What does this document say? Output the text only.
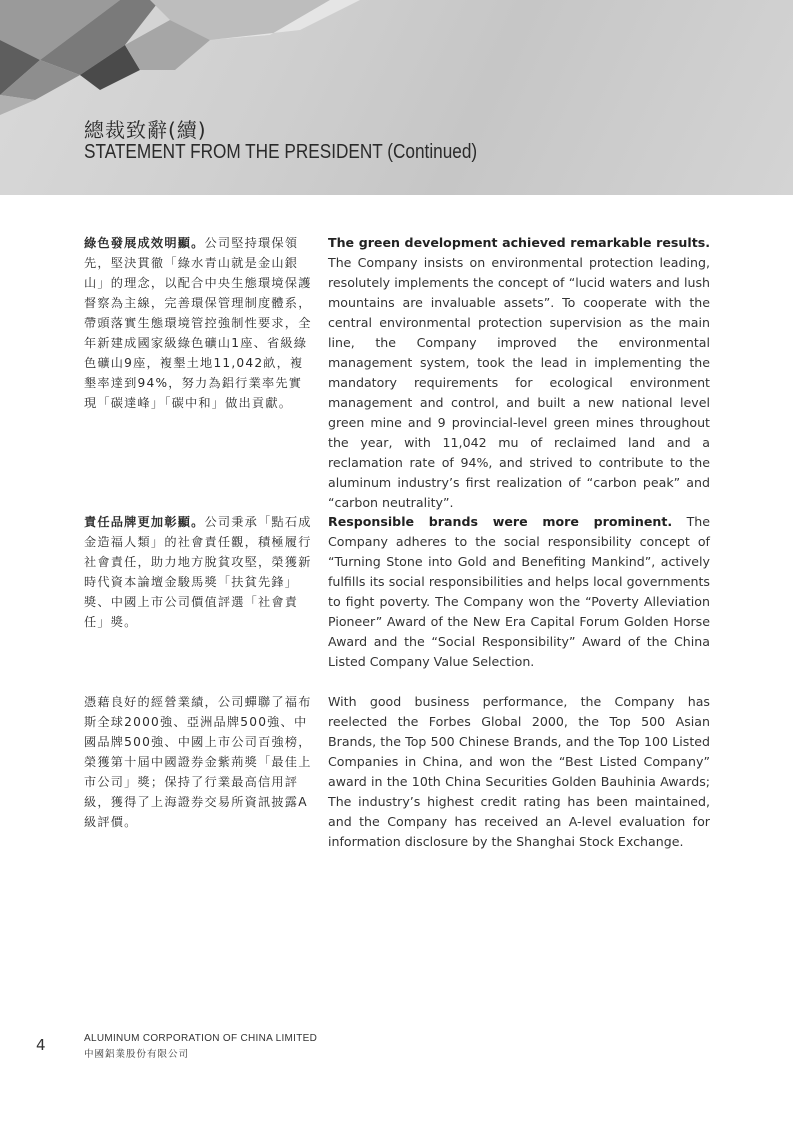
總裁致辭(續)
STATEMENT FROM THE PRESIDENT (Continued)

綠色發展成效明顯。公司堅持環保領先，堅決貫徹「綠水青山就是金山銀山」的理念，以配合中央生態環境保護督察為主線，完善環保管理制度體系，帶頭落實生態環境管控強制性要求，全年新建成國家級綠色礦山1座、省級綠色礦山9座，複墾土地11,042畝，複墾率達到94%，努力為鋁行業率先實現「碳達峰」「碳中和」做出貢獻。

The green development achieved remarkable results. The Company insists on environmental protection leading, resolutely implements the concept of “lucid waters and lush mountains are invaluable assets”. To cooperate with the central environmental protection supervision as the main line, the Company improved the environmental management system, took the lead in implementing the mandatory requirements for ecological environment management and control, and built a new national level green mine and 9 provincial-level green mines throughout the year, with 11,042 mu of reclaimed land and a reclamation rate of 94%, and strived to contribute to the aluminum industry’s first realization of “carbon peak” and “carbon neutrality”.

責任品牌更加彰顯。公司秉承「點石成金造福人類」的社會責任觀，積極履行社會責任，助力地方脫貧攻堅，榮獲新時代資本論壇金駿馬獎「扶貧先鋒」獎、中國上市公司價值評選「社會責任」獎。

Responsible brands were more prominent. The Company adheres to the social responsibility concept of “Turning Stone into Gold and Benefiting Mankind”, actively fulfills its social responsibilities and helps local governments to fight poverty. The Company won the “Poverty Alleviation Pioneer” Award of the New Era Capital Forum Golden Horse Award and the “Social Responsibility” Award of the China Listed Company Value Selection.

憑藉良好的經營業績，公司蟬聯了福布斯全球2000強、亞洲品牌500強、中國品牌500強、中國上市公司百強榜，榮獲第十屆中國證券金紫荊獎「最佳上市公司」獎；保持了行業最高信用評級，獲得了上海證券交易所資訊披露A級評價。

With good business performance, the Company has reelected the Forbes Global 2000, the Top 500 Asian Brands, the Top 500 Chinese Brands, and the Top 100 Listed Companies in China, and won the “Best Listed Company” award in the 10th China Securities Golden Bauhinia Awards; The industry’s highest credit rating has been maintained, and the Company has received an A-level evaluation for information disclosure by the Shanghai Stock Exchange.

4	ALUMINUM CORPORATION OF CHINA LIMITED
中國鋁業股份有限公司
